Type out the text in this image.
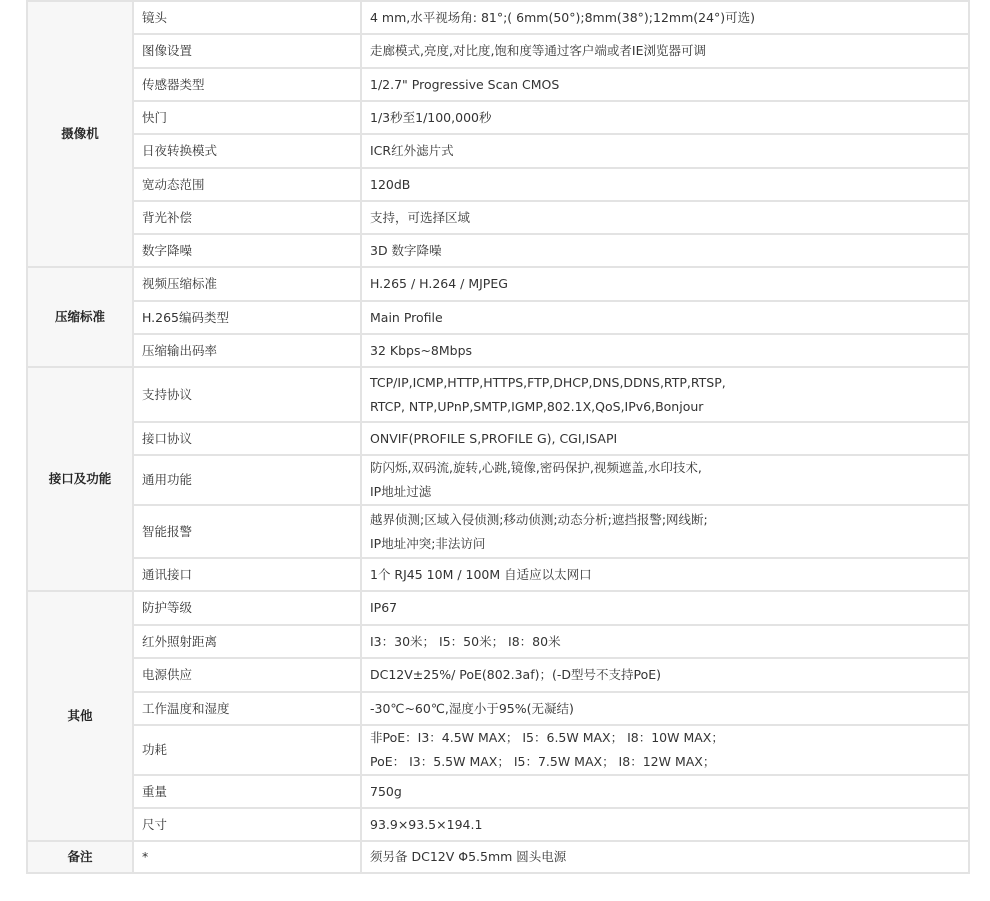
摄像机	镜头	4 mm,水平视场角: 81°;( 6mm(50°);8mm(38°);12mm(24°)可选)

	图像设置	走廊模式,亮度,对比度,饱和度等通过客户端或者IE浏览器可调

	传感器类型	1/2.7" Progressive Scan CMOS

	快门	1/3秒至1/100,000秒

	日夜转换模式	ICR红外滤片式

	宽动态范围	120dB

	背光补偿	支持，可选择区域

	数字降噪	3D 数字降噪

压缩标准	视频压缩标准	H.265 / H.264 / MJPEG

	H.265编码类型	Main Profile

	压缩输出码率	32 Kbps~8Mbps

接口及功能	支持协议	TCP/IP,ICMP,HTTP,HTTPS,FTP,DHCP,DNS,DDNS,RTP,RTSP,
RTCP, NTP,UPnP,SMTP,IGMP,802.1X,QoS,IPv6,Bonjour

	接口协议	ONVIF(PROFILE S,PROFILE G), CGI,ISAPI

	通用功能	防闪烁,双码流,旋转,心跳,镜像,密码保护,视频遮盖,水印技术,
IP地址过滤

	智能报警	越界侦测;区域入侵侦测;移动侦测;动态分析;遮挡报警;网线断;
IP地址冲突;非法访问

	通讯接口	1个 RJ45 10M / 100M 自适应以太网口

其他	防护等级	IP67

	红外照射距离	I3：30米； I5：50米； I8：80米

	电源供应	DC12V±25%/ PoE(802.3af)；(-D型号不支持PoE)

	工作温度和湿度	-30℃~60℃,湿度小于95%(无凝结)

	功耗	非PoE：I3：4.5W MAX； I5：6.5W MAX； I8：10W MAX；
PoE： I3：5.5W MAX； I5：7.5W MAX； I8：12W MAX；

	重量	750g

	尺寸	93.9×93.5×194.1

备注	*	须另备 DC12V Φ5.5mm 圆头电源
